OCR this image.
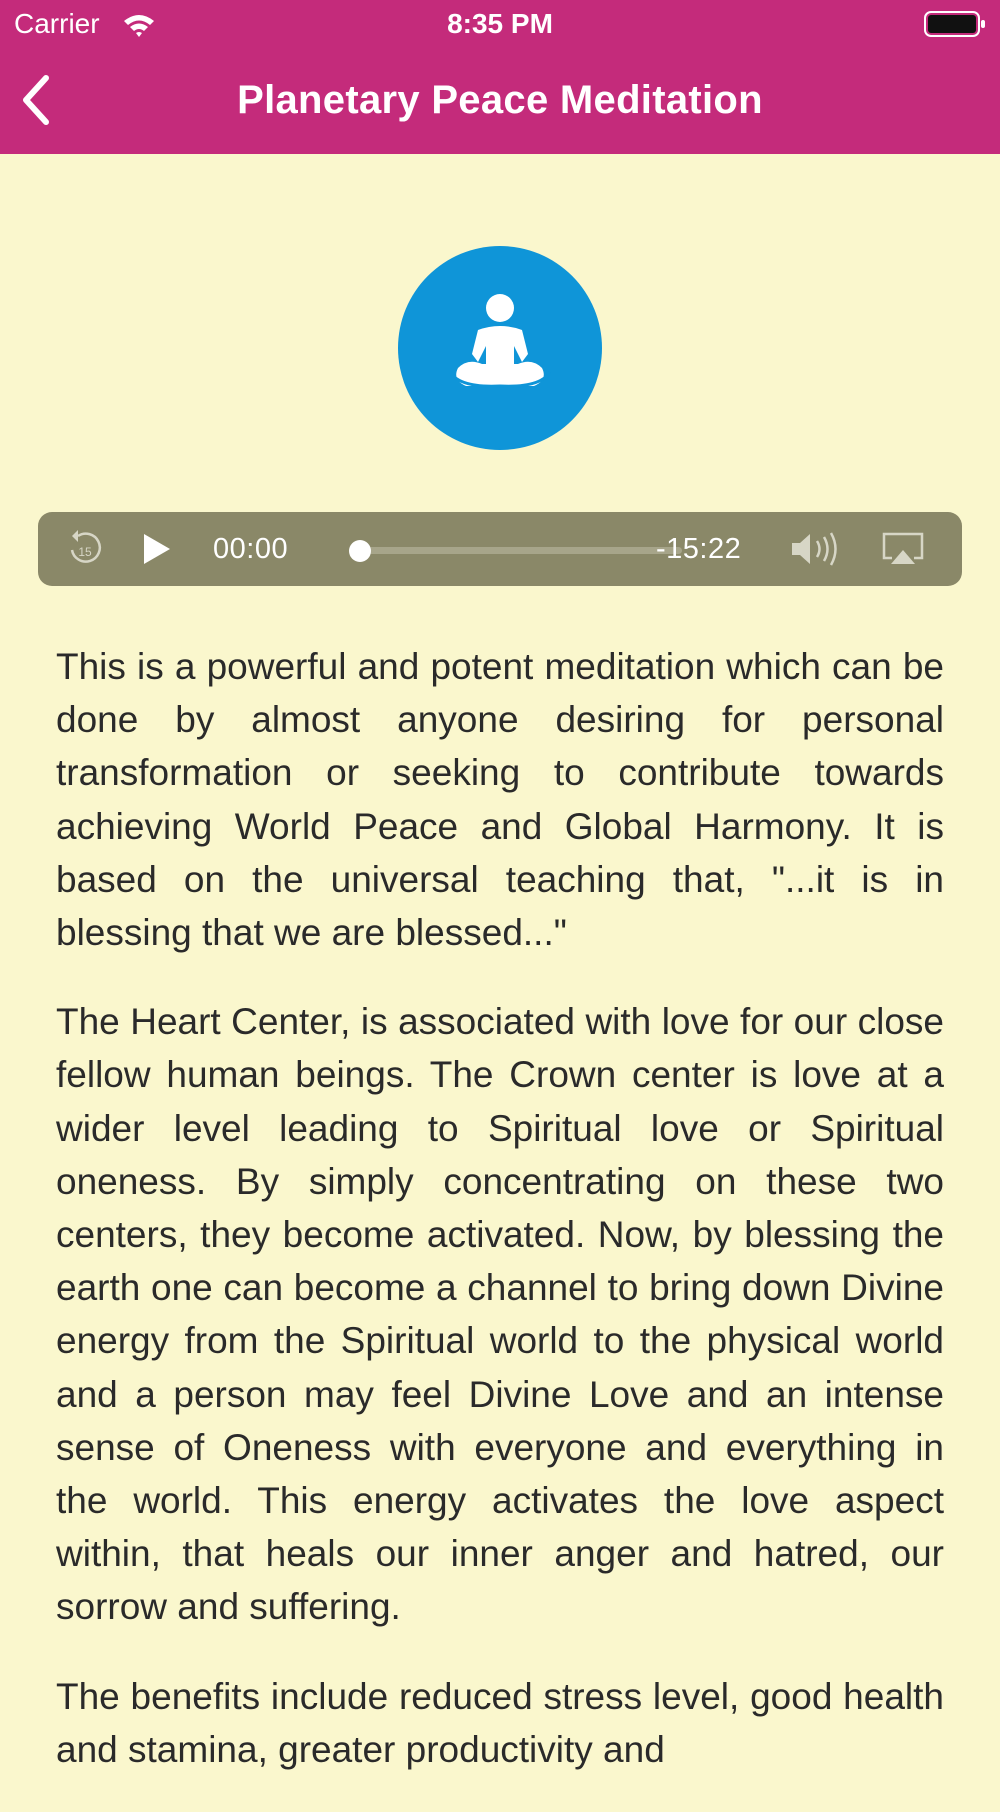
Carrier	8:35 PM
Planetary Peace Meditation
15	00:00	-15:22

This is a powerful and potent meditation which can be done by almost anyone desiring for personal transformation or seeking to contribute towards achieving World Peace and Global Harmony. It is based on the universal teaching that, "...it is in blessing that we are blessed..."

The Heart Center, is associated with love for our close fellow human beings. The Crown center is love at a wider level leading to Spiritual love or Spiritual oneness. By simply concentrating on these two centers, they become activated. Now, by blessing the earth one can become a channel to bring down Divine energy from the Spiritual world to the physical world and a person may feel Divine Love and an intense sense of Oneness with everyone and everything in the world. This energy activates the love aspect within, that heals our inner anger and hatred, our sorrow and suffering.

The benefits include reduced stress level, good health and stamina, greater productivity and
